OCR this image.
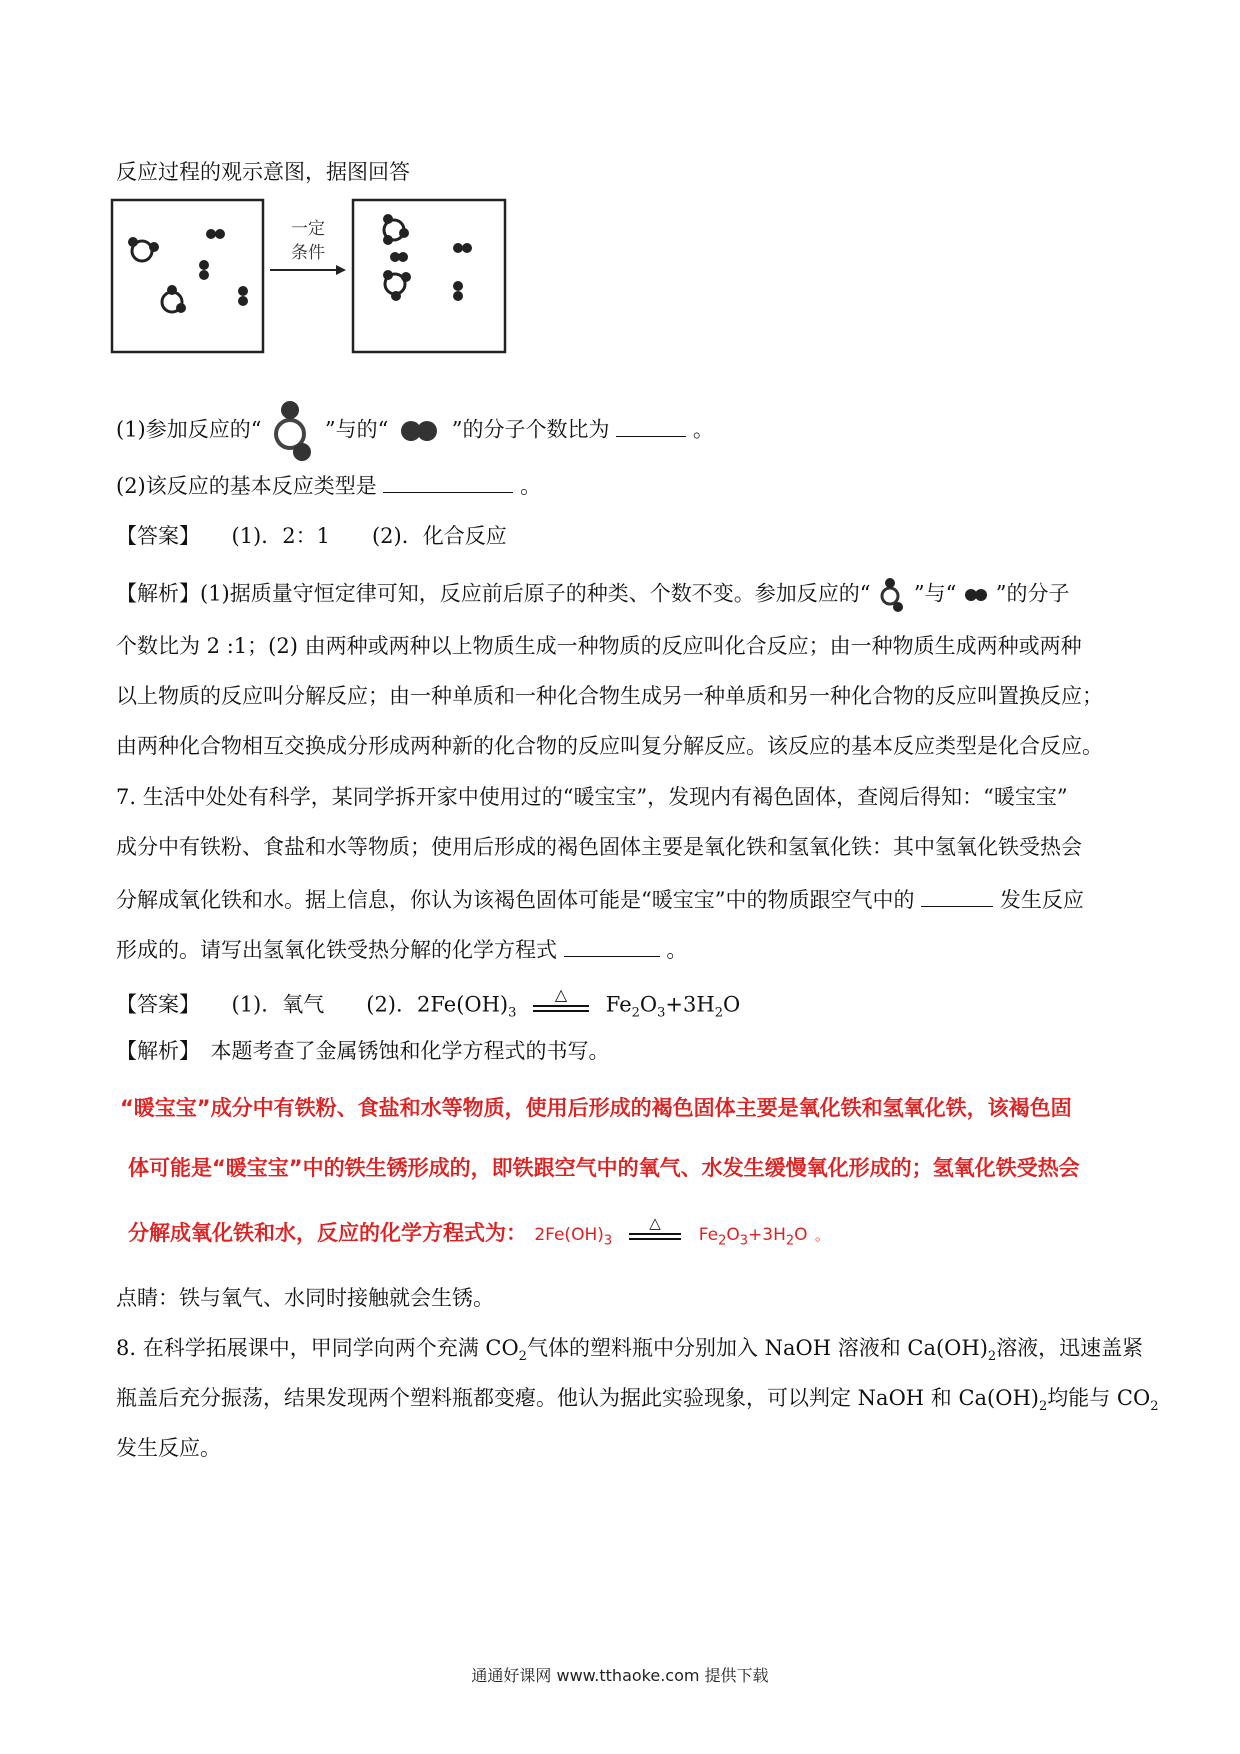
反应过程的观示意图，据图回答
一定
条件
(1)参加反应的“	”与的“	”的分子个数比为	。
(2)该反应的基本反应类型是	。
【答案】　　(1)．2：1　　(2)．化合反应
【解析】(1)据质量守恒定律可知，反应前后原子的种类、个数不变。参加反应的“ ”与“ ”的分子
个数比为 2 :1；(2) 由两种或两种以上物质生成一种物质的反应叫化合反应；由一种物质生成两种或两种
以上物质的反应叫分解反应；由一种单质和一种化合物生成另一种单质和另一种化合物的反应叫置换反应；
由两种化合物相互交换成分形成两种新的化合物的反应叫复分解反应。该反应的基本反应类型是化合反应。
7. 生活中处处有科学，某同学拆开家中使用过的“暖宝宝”，发现内有褐色固体，查阅后得知：“暖宝宝”
成分中有铁粉、食盐和水等物质；使用后形成的褐色固体主要是氧化铁和氢氧化铁：其中氢氧化铁受热会
分解成氧化铁和水。据上信息，你认为该褐色固体可能是“暖宝宝”中的物质跟空气中的	发生反应
形成的。请写出氢氧化铁受热分解的化学方程式	。
【答案】　　(1)．氧气　　(2)．$2Fe(OH)_3$
△ $Fe_2O_3+3H_2O$
【解析】　本题考查了金属锈蚀和化学方程式的书写。
“暖宝宝”成分中有铁粉、食盐和水等物质，使用后形成的褐色固体主要是氧化铁和氢氧化铁，该褐色固
体可能是“暖宝宝”中的铁生锈形成的，即铁跟空气中的氧气、水发生缓慢氧化形成的；氢氧化铁受热会
分解成氧化铁和水，反应的化学方程式为： $2Fe(OH)_3$
△
$Fe_2O_3+3H_2O$ 。
点睛：铁与氧气、水同时接触就会生锈。
8. 在科学拓展课中，甲同学向两个充满 $CO_2$气体的塑料瓶中分别加入 NaOH 溶液和 $Ca(OH)_2$溶液，迅速盖紧
瓶盖后充分振荡，结果发现两个塑料瓶都变瘪。他认为据此实验现象，可以判定 NaOH 和 $Ca(OH)_2$均能与 $CO_2$
发生反应。
通通好课网 www.tthaoke.com 提供下载
